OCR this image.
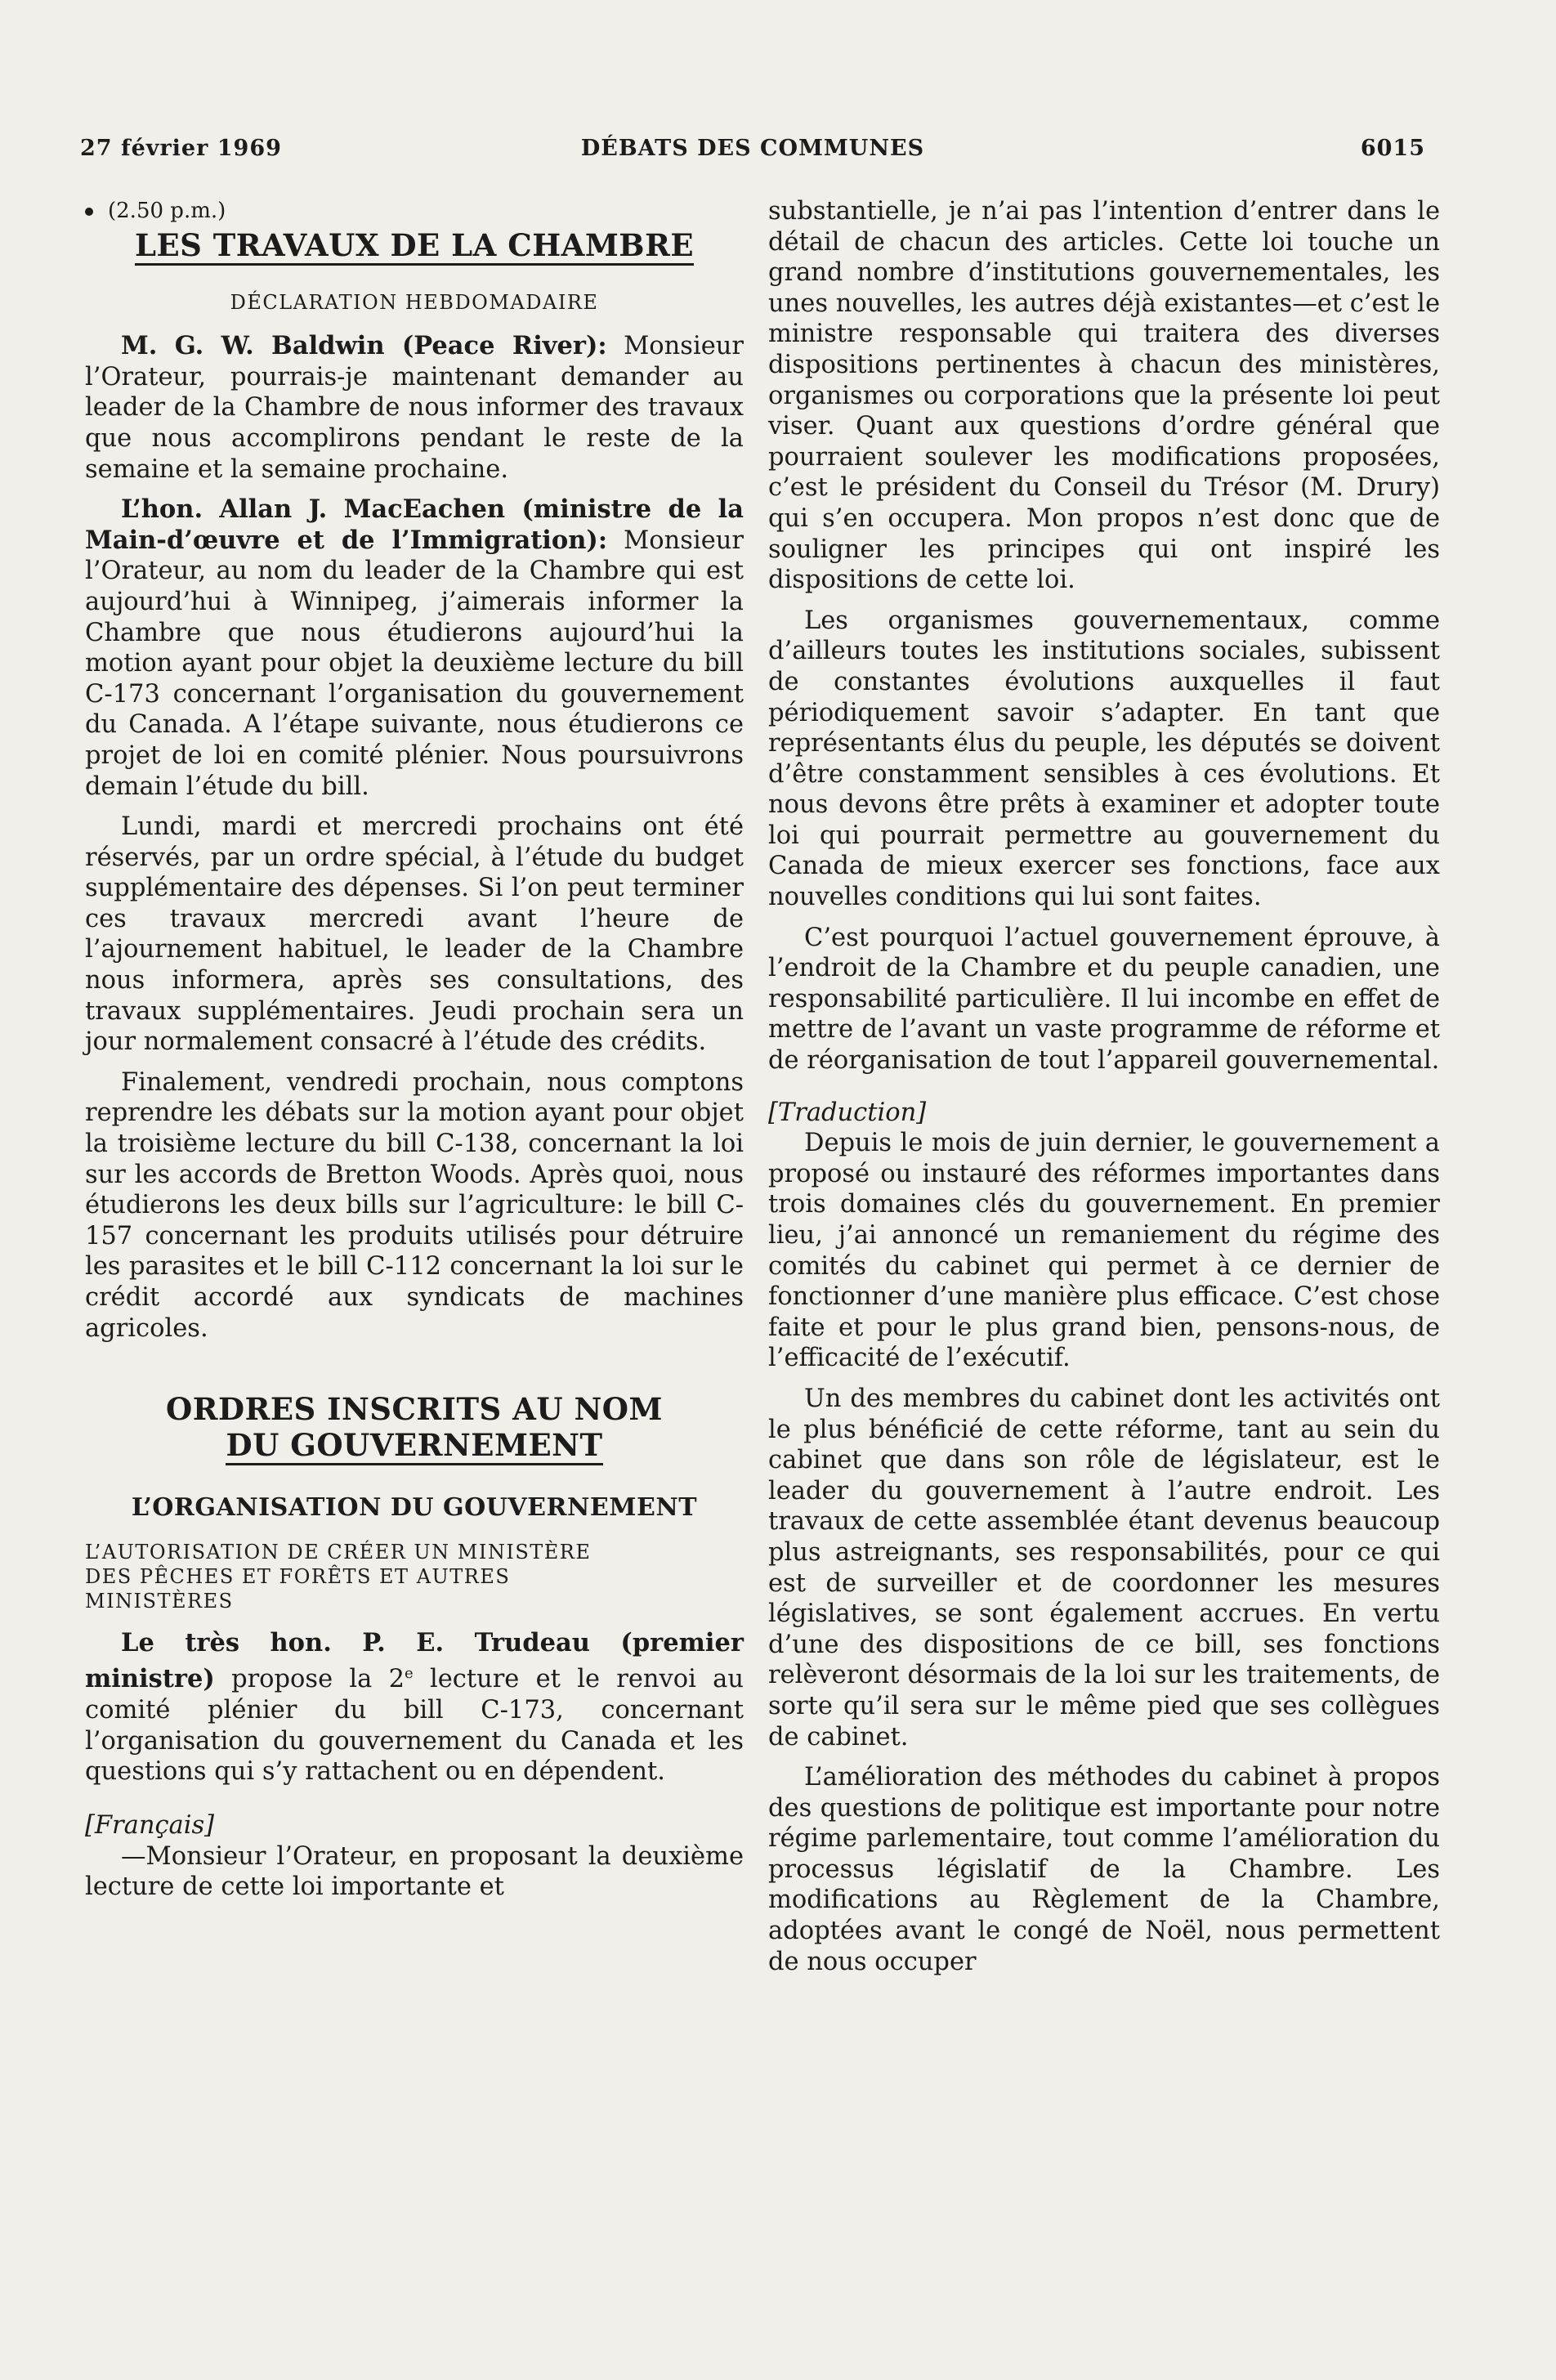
27 février 1969	DÉBATS DES COMMUNES	6015

(2.50 p.m.)

LES TRAVAUX DE LA CHAMBRE
DÉCLARATION HEBDOMADAIRE

M. G. W. Baldwin (Peace River): Monsieur l’Orateur, pourrais-je maintenant demander au leader de la Chambre de nous informer des travaux que nous accomplirons pendant le reste de la semaine et la semaine prochaine.

L’hon. Allan J. MacEachen (ministre de la Main-d’œuvre et de l’Immigration): Monsieur l’Orateur, au nom du leader de la Chambre qui est aujourd’hui à Winnipeg, j’aimerais informer la Chambre que nous étudierons aujourd’hui la motion ayant pour objet la deuxième lecture du bill C-173 concernant l’organisation du gouvernement du Canada. A l’étape suivante, nous étudierons ce projet de loi en comité plénier. Nous poursuivrons demain l’étude du bill.

Lundi, mardi et mercredi prochains ont été réservés, par un ordre spécial, à l’étude du budget supplémentaire des dépenses. Si l’on peut terminer ces travaux mercredi avant l’heure de l’ajournement habituel, le leader de la Chambre nous informera, après ses consultations, des travaux supplémentaires. Jeudi prochain sera un jour normalement consacré à l’étude des crédits.

Finalement, vendredi prochain, nous comptons reprendre les débats sur la motion ayant pour objet la troisième lecture du bill C-138, concernant la loi sur les accords de Bretton Woods. Après quoi, nous étudierons les deux bills sur l’agriculture: le bill C-157 concernant les produits utilisés pour détruire les parasites et le bill C-112 concernant la loi sur le crédit accordé aux syndicats de machines agricoles.

ORDRES INSCRITS AU NOM
DU GOUVERNEMENT
L’ORGANISATION DU GOUVERNEMENT

L’AUTORISATION DE CRÉER UN MINISTÈRE
DES PÊCHES ET FORÊTS ET AUTRES
MINISTÈRES

Le très hon. P. E. Trudeau (premier ministre) propose la 2e lecture et le renvoi au comité plénier du bill C-173, concernant l’organisation du gouvernement du Canada et les questions qui s’y rattachent ou en dépendent.

[Français]

—Monsieur l’Orateur, en proposant la deuxième lecture de cette loi importante et

substantielle, je n’ai pas l’intention d’entrer dans le détail de chacun des articles. Cette loi touche un grand nombre d’institutions gouvernementales, les unes nouvelles, les autres déjà existantes—et c’est le ministre responsable qui traitera des diverses dispositions pertinentes à chacun des ministères, organismes ou corporations que la présente loi peut viser. Quant aux questions d’ordre général que pourraient soulever les modifications proposées, c’est le président du Conseil du Trésor (M. Drury) qui s’en occupera. Mon propos n’est donc que de souligner les principes qui ont inspiré les dispositions de cette loi.

Les organismes gouvernementaux, comme d’ailleurs toutes les institutions sociales, subissent de constantes évolutions auxquelles il faut périodiquement savoir s’adapter. En tant que représentants élus du peuple, les députés se doivent d’être constamment sensibles à ces évolutions. Et nous devons être prêts à examiner et adopter toute loi qui pourrait permettre au gouvernement du Canada de mieux exercer ses fonctions, face aux nouvelles conditions qui lui sont faites.

C’est pourquoi l’actuel gouvernement éprouve, à l’endroit de la Chambre et du peuple canadien, une responsabilité particulière. Il lui incombe en effet de mettre de l’avant un vaste programme de réforme et de réorganisation de tout l’appareil gouvernemental.

[Traduction]

Depuis le mois de juin dernier, le gouvernement a proposé ou instauré des réformes importantes dans trois domaines clés du gouvernement. En premier lieu, j’ai annoncé un remaniement du régime des comités du cabinet qui permet à ce dernier de fonctionner d’une manière plus efficace. C’est chose faite et pour le plus grand bien, pensons-nous, de l’efficacité de l’exécutif.

Un des membres du cabinet dont les activités ont le plus bénéficié de cette réforme, tant au sein du cabinet que dans son rôle de législateur, est le leader du gouvernement à l’autre endroit. Les travaux de cette assemblée étant devenus beaucoup plus astreignants, ses responsabilités, pour ce qui est de surveiller et de coordonner les mesures législatives, se sont également accrues. En vertu d’une des dispositions de ce bill, ses fonctions relèveront désormais de la loi sur les traitements, de sorte qu’il sera sur le même pied que ses collègues de cabinet.

L’amélioration des méthodes du cabinet à propos des questions de politique est importante pour notre régime parlementaire, tout comme l’amélioration du processus législatif de la Chambre. Les modifications au Règlement de la Chambre, adoptées avant le congé de Noël, nous permettent de nous occuper
